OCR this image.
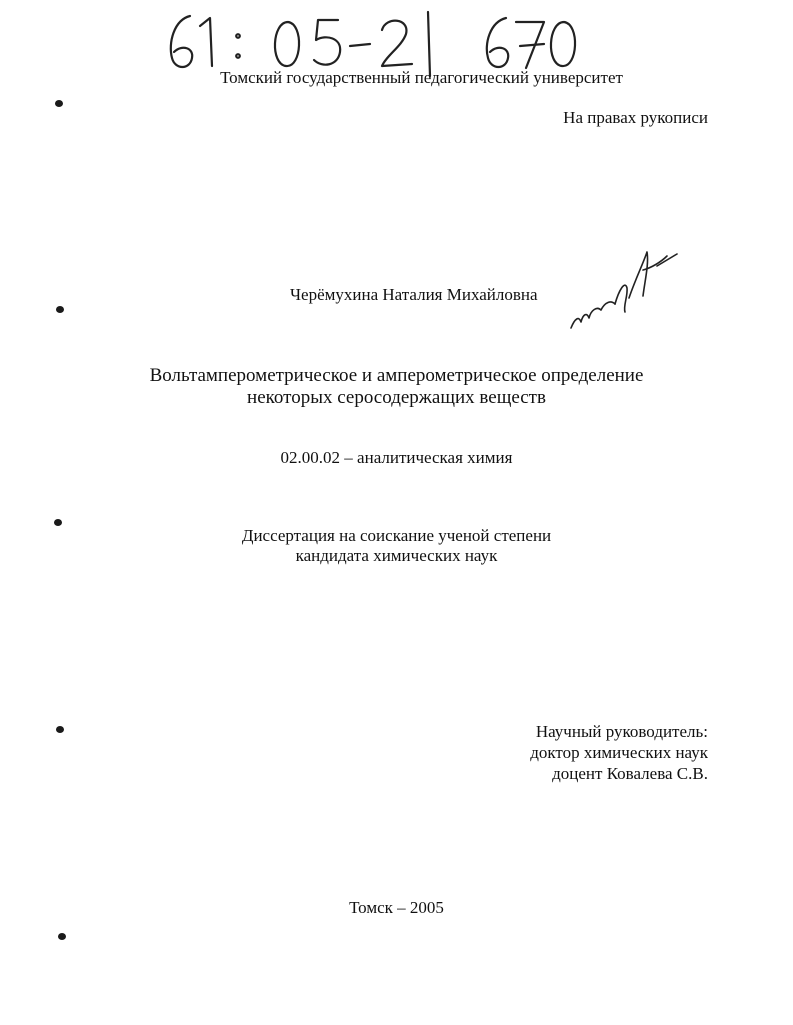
Томский государственный педагогический университет
На правах рукописи
Черёмухина Наталия Михайловна
Вольтамперометрическое и амперометрическое определение
некоторых серосодержащих веществ
02.00.02 – аналитическая химия
Диссертация на соискание ученой степени
кандидата химических наук
Научный руководитель:
доктор химических наук
доцент Ковалева С.В.
Томск – 2005
